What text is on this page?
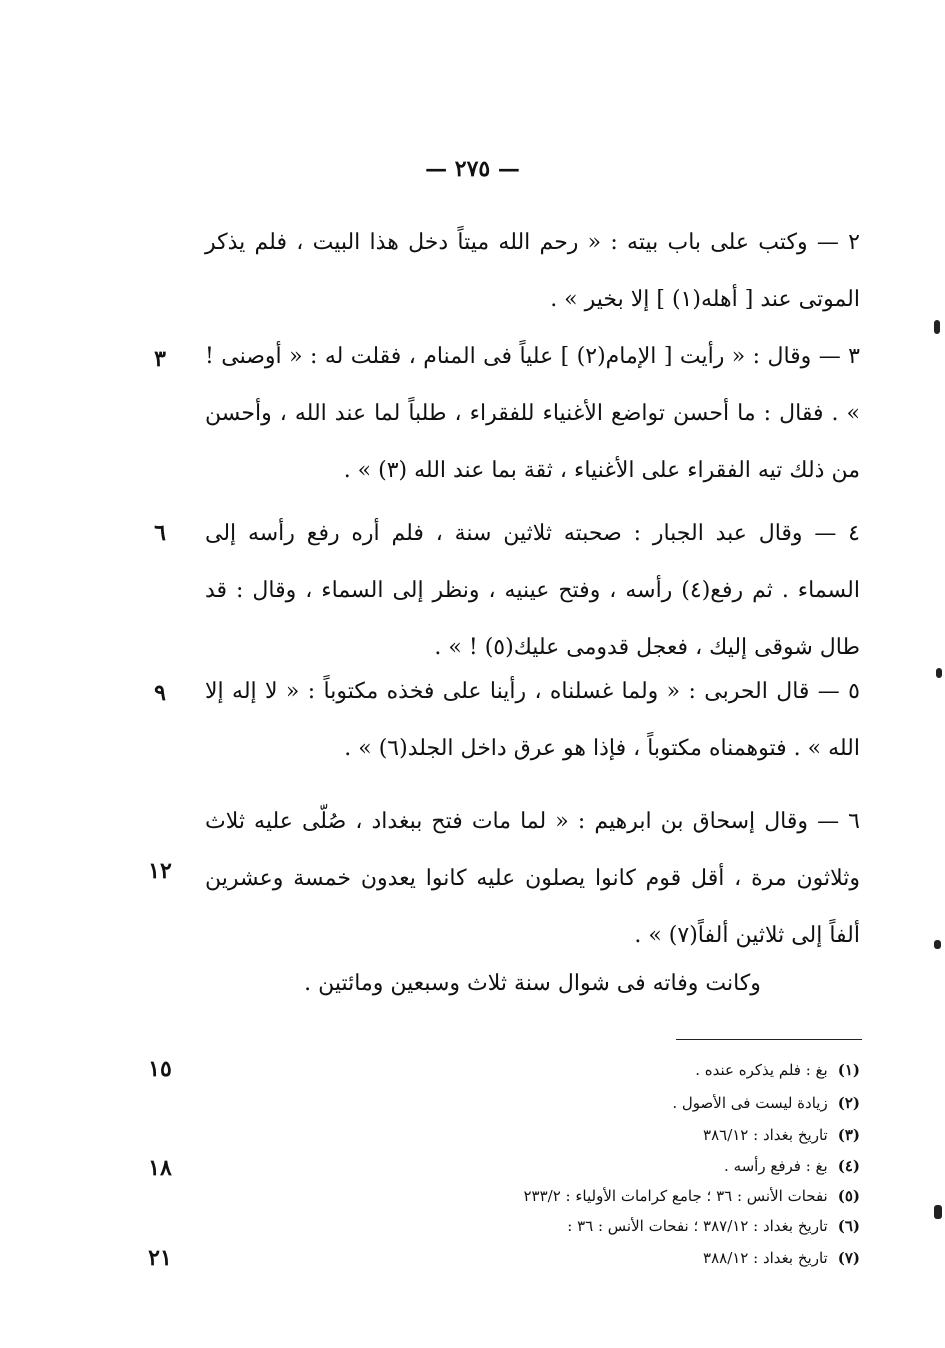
— ٢٧٥ —

٢ — وكتب على باب بيته : « رحم الله ميتاً دخل هذا البيت ، فلم يذكر الموتى عند [ أهله(١) ] إلا بخير » .

٣ — وقال : « رأيت [ الإمام(٢) ] علياً فى المنام ، فقلت له : « أوصنى ! » . فقال : ما أحسن تواضع الأغنياء للفقراء ، طلباً لما عند الله ، وأحسن من ذلك تيه الفقراء على الأغنياء ، ثقة بما عند الله (٣) » .

٤ — وقال عبد الجبار : صحبته ثلاثين سنة ، فلم أره رفع رأسه إلى السماء . ثم رفع(٤) رأسه ، وفتح عينيه ، ونظر إلى السماء ، وقال : قد طال شوقى إليك ، فعجل قدومى عليك(٥) ! » .

٥ — قال الحربى : « ولما غسلناه ، رأينا على فخذه مكتوباً : « لا إله إلا الله » . فتوهمناه مكتوباً ، فإذا هو عرق داخل الجلد(٦) » .

٦ — وقال إسحاق بن ابرهيم : « لما مات فتح ببغداد ، صُلّى عليه ثلاث وثلاثون مرة ، أقل قوم كانوا يصلون عليه كانوا يعدون خمسة وعشرين ألفاً إلى ثلاثين ألفاً(٧) » .

وكانت وفاته فى شوال سنة ثلاث وسبعين ومائتين .

٣
٦
٩
١٢
١٥
١٨
٢١
(١)بغ : فلم يذكره عنده .
(٢)زيادة ليست فى الأصول .
(٣)تاريخ بغداد : ٣٨٦/١٢
(٤)بغ : فرفع رأسه .
(٥)نفحات الأنس : ٣٦ ؛ جامع كرامات الأولياء : ٢٣٣/٢
(٦)تاريخ بغداد : ٣٨٧/١٢ ؛ نفحات الأنس : ٣٦ :
(٧)تاريخ بغداد : ٣٨٨/١٢
